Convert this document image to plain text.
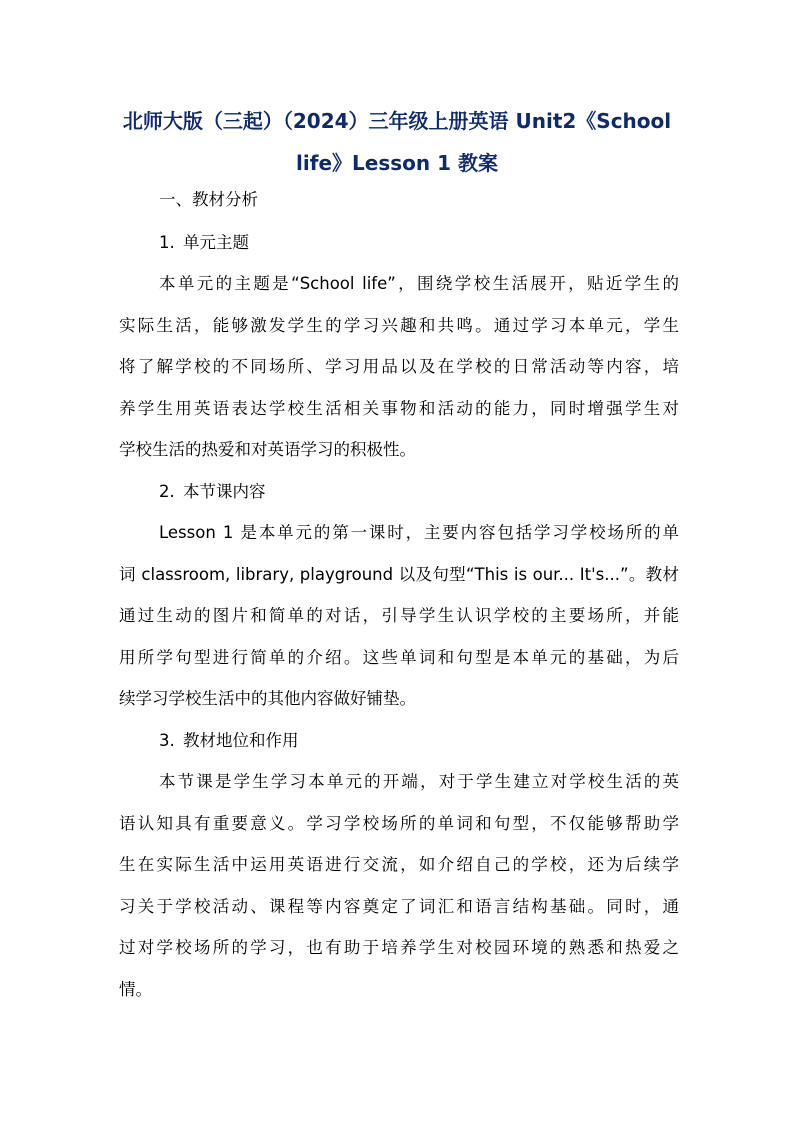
北师大版（三起）（2024）三年级上册英语 Unit2《School life》Lesson 1 教案

一、教材分析

1. 单元主题

本单元的主题是“School life”，围绕学校生活展开，贴近学生的

实际生活，能够激发学生的学习兴趣和共鸣。通过学习本单元，学生

将了解学校的不同场所、学习用品以及在学校的日常活动等内容，培

养学生用英语表达学校生活相关事物和活动的能力，同时增强学生对

学校生活的热爱和对英语学习的积极性。

2. 本节课内容

Lesson 1 是本单元的第一课时，主要内容包括学习学校场所的单

词 classroom, library, playground 以及句型“This is our... It's...”。教材

通过生动的图片和简单的对话，引导学生认识学校的主要场所，并能

用所学句型进行简单的介绍。这些单词和句型是本单元的基础，为后

续学习学校生活中的其他内容做好铺垫。

3. 教材地位和作用

本节课是学生学习本单元的开端，对于学生建立对学校生活的英

语认知具有重要意义。学习学校场所的单词和句型，不仅能够帮助学

生在实际生活中运用英语进行交流，如介绍自己的学校，还为后续学

习关于学校活动、课程等内容奠定了词汇和语言结构基础。同时，通

过对学校场所的学习，也有助于培养学生对校园环境的熟悉和热爱之

情。
